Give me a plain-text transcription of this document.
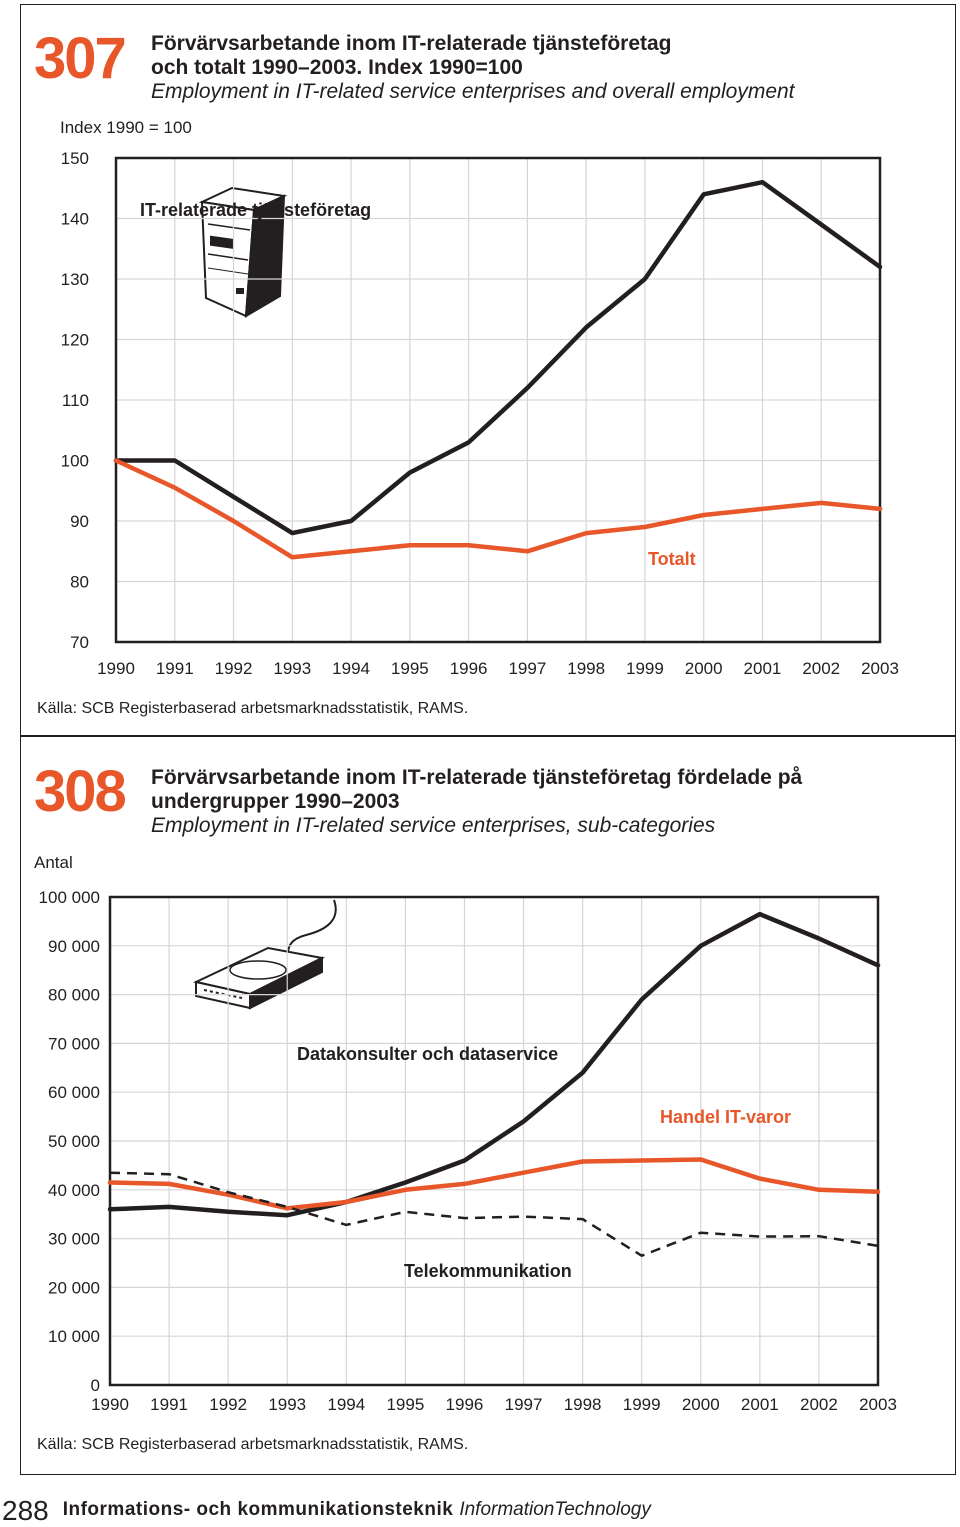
307 Förvärvsarbetande inom IT-relaterade tjänsteföretag
och totalt 1990–2003. Index 1990=100
Employment in IT-related service enterprises and overall employment
Index 1990 = 100
Källa: SCB Registerbaserad arbetsmarknadsstatistik, RAMS.
308 Förvärvsarbetande inom IT-relaterade tjänsteföretag fördelade på
undergrupper 1990–2003
Employment in IT-related service enterprises, sub-categories
Antal
Källa: SCB Registerbaserad arbetsmarknadsstatistik, RAMS.
70
80
90
100
110
120
130
140
150
1990 1991 1992 1993 1994 1995 1996 1997 1998 1999 2000 2001 2002 2003
IT-relaterade tjänsteföretag
Totalt
0
10 000
20 000
30 000
40 000
50 000
60 000
70 000
80 000
90 000
100 000
1990 1991 1992 1993 1994 1995 1996 1997 1998 1999 2000 2001 2002 2003
Datakonsulter och dataservice
Handel IT-varor
Telekommunikation
288 Informations- och kommunikationsteknik InformationTechnology
